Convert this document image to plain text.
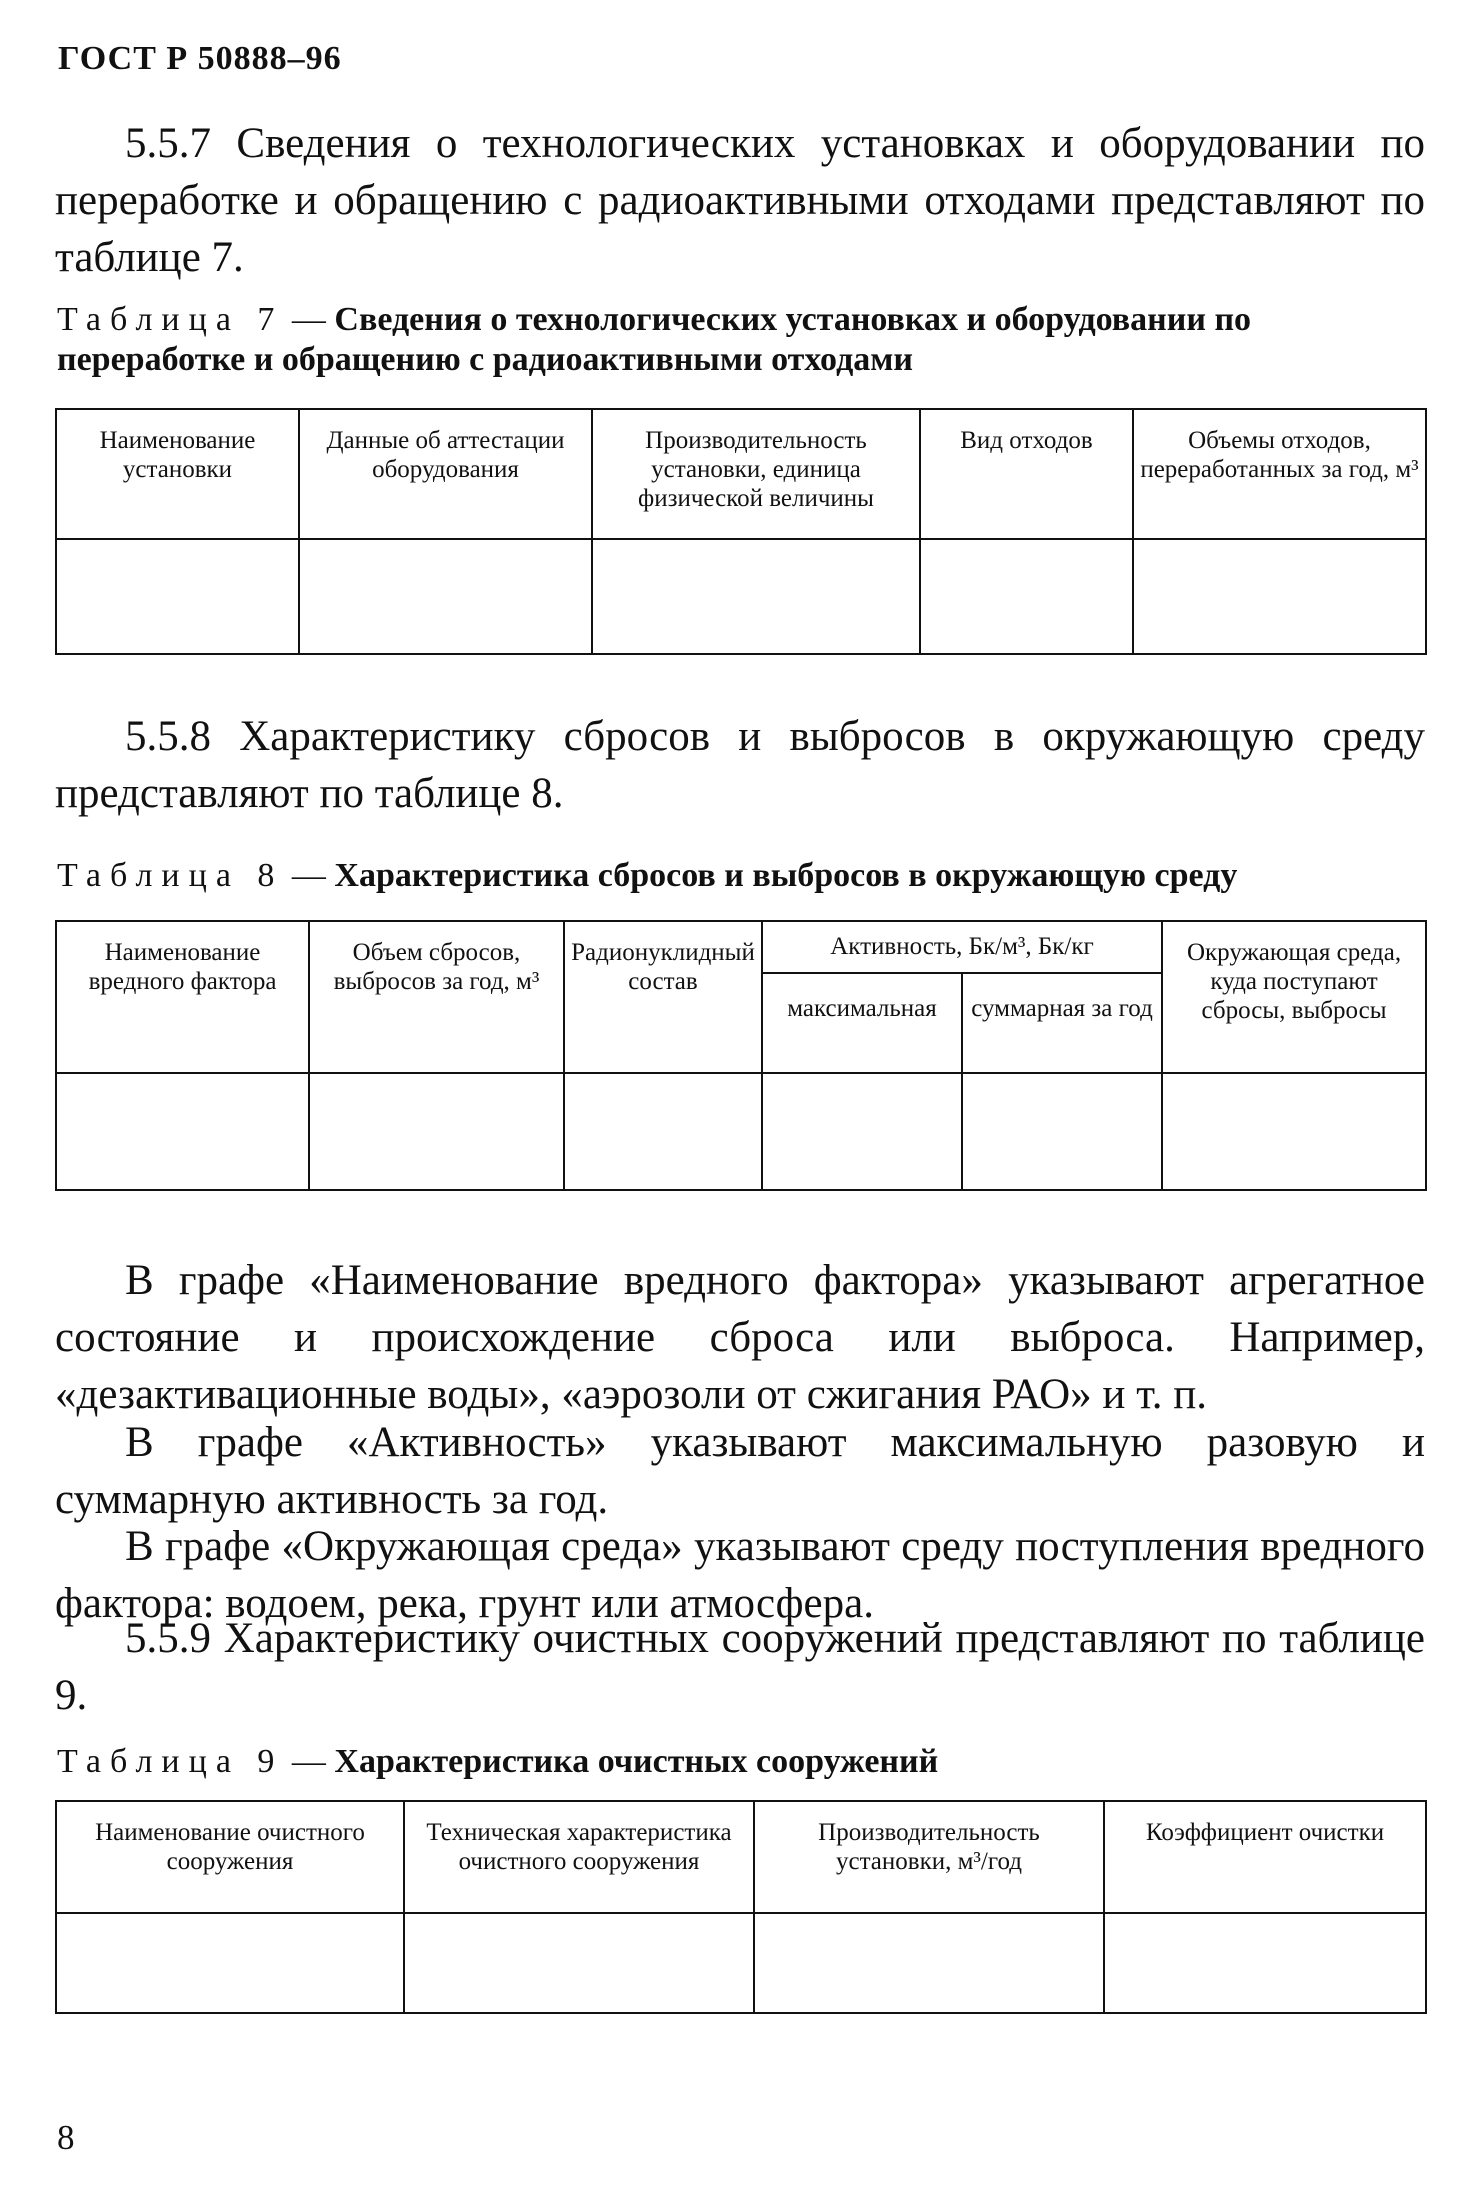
ГОСТ Р 50888–96
5.5.7 Сведения о технологических установках и оборудовании по переработке и обращению с радиоактивными отходами представляют по таблице 7.
Таблица 7 — Сведения о технологических установках и оборудовании по переработке и обращению с радиоактивными отходами
Наименование установки	Данные об аттестации оборудования	Производительность установки, единица физической величины	Вид отходов	Объемы отходов, переработанных за год, м³

5.5.8 Характеристику сбросов и выбросов в окружающую среду представляют по таблице 8.
Таблица 8 — Характеристика сбросов и выбросов в окружающую среду
Наименование вредного фактора	Объем сбросов, выбросов за год, м³	Радионуклидный состав	Активность, Бк/м³, Бк/кг		Окружающая среда, куда поступают сбросы, выбросы
			максимальная	суммарная за год	

В графе «Наименование вредного фактора» указывают агрегатное состояние и происхождение сброса или выброса. Например, «дезактивационные воды», «аэрозоли от сжигания РАО» и т. п.
В графе «Активность» указывают максимальную разовую и суммарную активность за год.
В графе «Окружающая среда» указывают среду поступления вредного фактора: водоем, река, грунт или атмосфера.
5.5.9 Характеристику очистных сооружений представляют по таблице 9.
Таблица 9 — Характеристика очистных сооружений
Наименование очистного сооружения	Техническая характеристика очистного сооружения	Производительность установки, м³/год	Коэффициент очистки

8
